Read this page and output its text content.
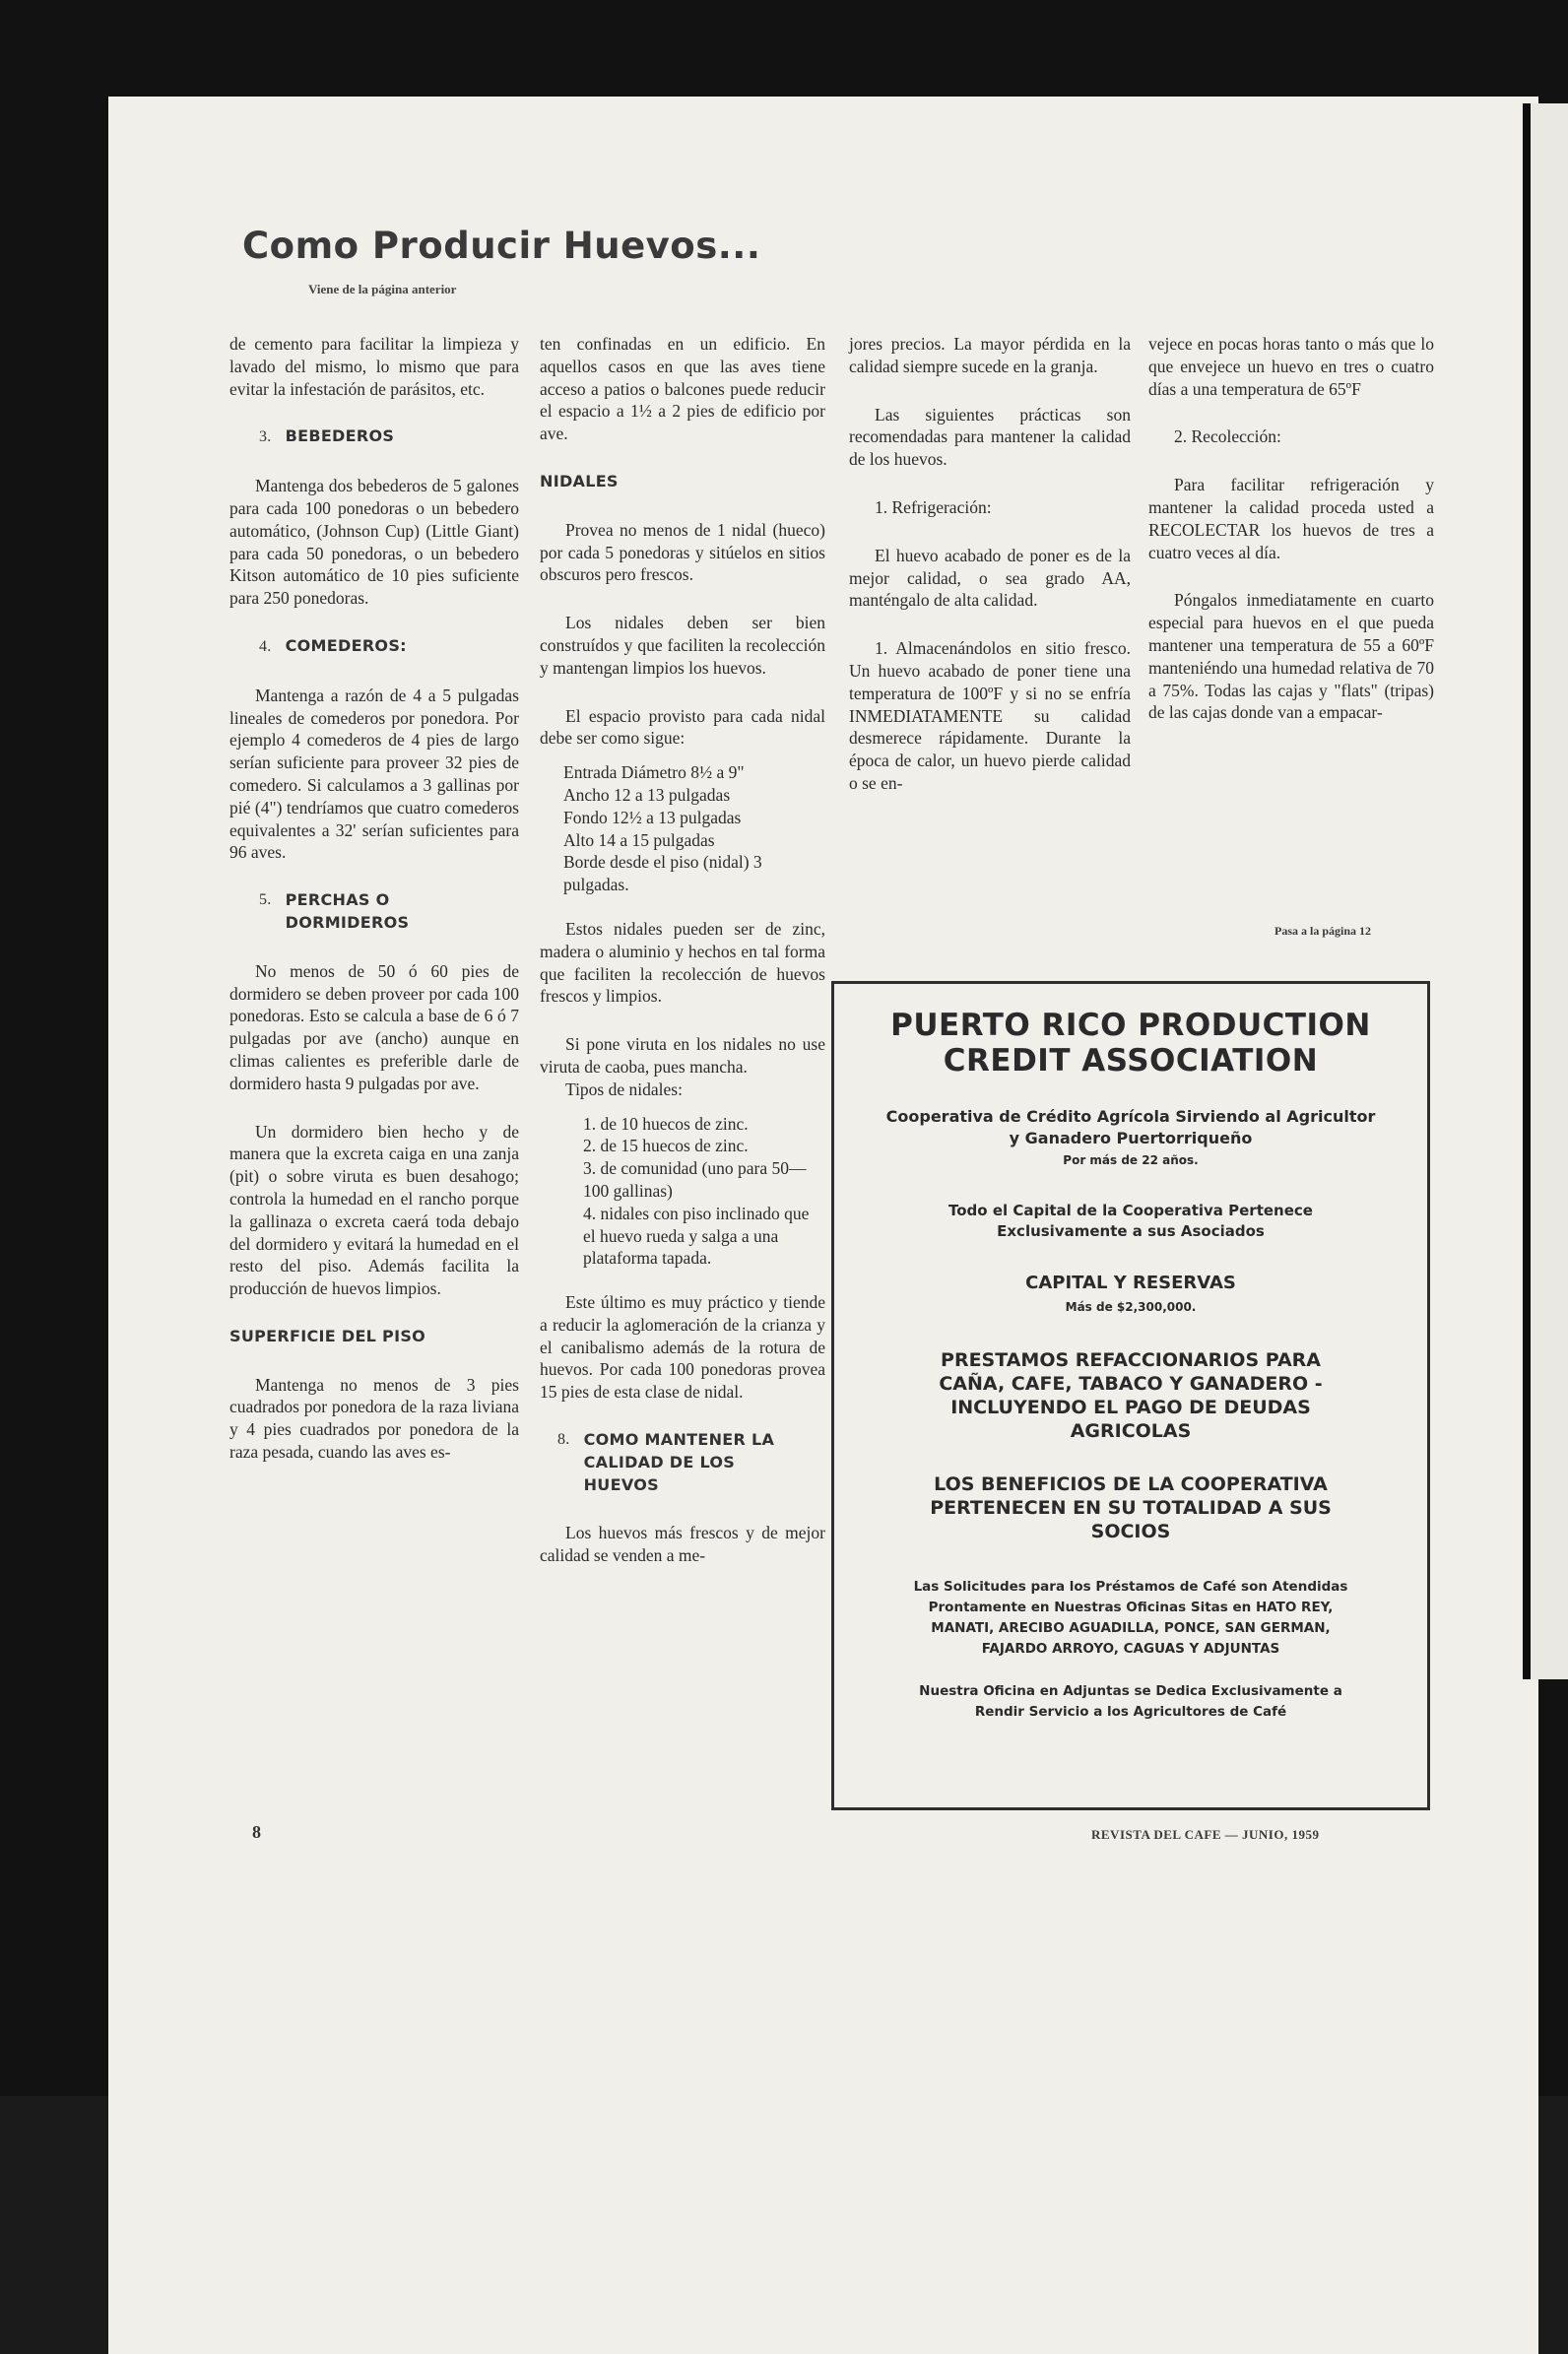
Como Producir Huevos...
Viene de la página anterior

de cemento para facilitar la limpieza y lavado del mismo, lo mismo que para evitar la infestación de parásitos, etc.

3. BEBEDEROS

Mantenga dos bebederos de 5 galones para cada 100 ponedoras o un bebedero automático, (Johnson Cup) (Little Giant) para cada 50 ponedoras, o un bebedero Kitson automático de 10 pies suficiente para 250 ponedoras.

4. COMEDEROS:

Mantenga a razón de 4 a 5 pulgadas lineales de comederos por ponedora. Por ejemplo 4 comederos de 4 pies de largo serían suficiente para proveer 32 pies de comedero. Si calculamos a 3 gallinas por pié (4") tendríamos que cuatro comederos equivalentes a 32' serían suficientes para 96 aves.

5. PERCHAS O DORMIDEROS

No menos de 50 ó 60 pies de dormidero se deben proveer por cada 100 ponedoras. Esto se calcula a base de 6 ó 7 pulgadas por ave (ancho) aunque en climas calientes es preferible darle de dormidero hasta 9 pulgadas por ave.

Un dormidero bien hecho y de manera que la excreta caiga en una zanja (pit) o sobre viruta es buen desahogo; controla la humedad en el rancho porque la gallinaza o excreta caerá toda debajo del dormidero y evitará la humedad en el resto del piso. Además facilita la producción de huevos limpios.

SUPERFICIE DEL PISO

Mantenga no menos de 3 pies cuadrados por ponedora de la raza liviana y 4 pies cuadrados por ponedora de la raza pesada, cuando las aves es-

ten confinadas en un edificio. En aquellos casos en que las aves tiene acceso a patios o balcones puede reducir el espacio a 1½ a 2 pies de edificio por ave.

NIDALES

Provea no menos de 1 nidal (hueco) por cada 5 ponedoras y sitúelos en sitios obscuros pero frescos.

Los nidales deben ser bien construídos y que faciliten la recolección y mantengan limpios los huevos.

El espacio provisto para cada nidal debe ser como sigue:

Entrada Diámetro 8½ a 9"
Ancho 12 a 13 pulgadas
Fondo 12½ a 13 pulgadas
Alto 14 a 15 pulgadas
Borde desde el piso (nidal) 3 pulgadas.

Estos nidales pueden ser de zinc, madera o aluminio y hechos en tal forma que faciliten la recolección de huevos frescos y limpios.

Si pone viruta en los nidales no use viruta de caoba, pues mancha.

Tipos de nidales:

1. de 10 huecos de zinc.
2. de 15 huecos de zinc.
3. de comunidad (uno para 50—100 gallinas)
4. nidales con piso inclinado que el huevo rueda y salga a una plataforma tapada.

Este último es muy práctico y tiende a reducir la aglomeración de la crianza y el canibalismo además de la rotura de huevos. Por cada 100 ponedoras provea 15 pies de esta clase de nidal.

8. COMO MANTENER LA CALIDAD DE LOS HUEVOS

Los huevos más frescos y de mejor calidad se venden a me-

jores precios. La mayor pérdida en la calidad siempre sucede en la granja.

Las siguientes prácticas son recomendadas para mantener la calidad de los huevos.

1. Refrigeración:

El huevo acabado de poner es de la mejor calidad, o sea grado AA, manténgalo de alta calidad.

1. Almacenándolos en sitio fresco. Un huevo acabado de poner tiene una temperatura de 100ºF y si no se enfría INMEDIATAMENTE su calidad desmerece rápidamente. Durante la época de calor, un huevo pierde calidad o se en-

vejece en pocas horas tanto o más que lo que envejece un huevo en tres o cuatro días a una temperatura de 65ºF

2. Recolección:

Para facilitar refrigeración y mantener la calidad proceda usted a RECOLECTAR los huevos de tres a cuatro veces al día.

Póngalos inmediatamente en cuarto especial para huevos en el que pueda mantener una temperatura de 55 a 60ºF manteniéndo una humedad relativa de 70 a 75%. Todas las cajas y "flats" (tripas) de las cajas donde van a empacar-

Pasa a la página 12
PUERTO RICO PRODUCTION CREDIT ASSOCIATION
Cooperativa de Crédito Agrícola Sirviendo al Agricultor y Ganadero Puertorriqueño
Por más de 22 años.
Todo el Capital de la Cooperativa Pertenece Exclusivamente a sus Asociados
CAPITAL Y RESERVAS
Más de $2,300,000.
PRESTAMOS REFACCIONARIOS PARA CAÑA, CAFE, TABACO Y GANADERO - INCLUYENDO EL PAGO DE DEUDAS AGRICOLAS
LOS BENEFICIOS DE LA COOPERATIVA PERTENECEN EN SU TOTALIDAD A SUS SOCIOS
Las Solicitudes para los Préstamos de Café son Atendidas Prontamente en Nuestras Oficinas Sitas en HATO REY, MANATI, ARECIBO AGUADILLA, PONCE, SAN GERMAN, FAJARDO ARROYO, CAGUAS Y ADJUNTAS
Nuestra Oficina en Adjuntas se Dedica Exclusivamente a Rendir Servicio a los Agricultores de Café
8	REVISTA DEL CAFE — JUNIO, 1959
